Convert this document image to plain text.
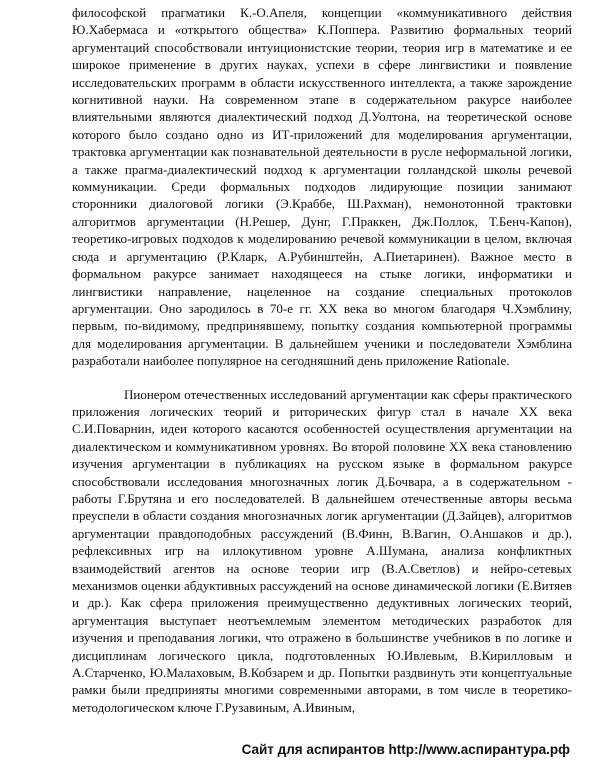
философской прагматики К.-О.Апеля, концепции «коммуникативного действия Ю.Хабермаса и «открытого общества» К.Поппера. Развитию формальных теорий аргументаций способствовали интуиционистские теории, теория игр в математике и ее широкое применение в других науках, успехи в сфере лингвистики и появление исследовательских программ в области искусственного интеллекта, а также зарождение когнитивной науки. На современном этапе в содержательном ракурсе наиболее влиятельными являются диалектический подход Д.Уолтона, на теоретической основе которого было создано одно из ИТ-приложений для моделирования аргументации, трактовка аргументации как познавательной деятельности в русле неформальной логики, а также прагма-диалектический подход к аргументации голландской школы речевой коммуникации. Среди формальных подходов лидирующие позиции занимают сторонники диалоговой логики (Э.Краббе, Ш.Рахман), немонотонной трактовки алгоритмов аргументации (Н.Решер, Дунг, Г.Праккен, Дж.Поллок, Т.Бенч-Капон), теоретико-игровых подходов к моделированию речевой коммуникации в целом, включая сюда и аргументацию (Р.Кларк, А.Рубинштейн, А.Пиетаринен). Важное место в формальном ракурсе занимает находящееся на стыке логики, информатики и лингвистики направление, нацеленное на создание специальных протоколов аргументации. Оно зародилось в 70-е гг. XX века во многом благодаря Ч.Хэмблину, первым, по-видимому, предпринявшему, попытку создания компьютерной программы для моделирования аргументации. В дальнейшем ученики и последователи Хэмблина разработали наиболее популярное на сегодняшний день приложение Rationale.

Пионером отечественных исследований аргументации как сферы практического приложения логических теорий и риторических фигур стал в начале XX века С.И.Поварнин, идеи которого касаются особенностей осуществления аргументации на диалектическом и коммуникативном уровнях. Во второй половине XX века становлению изучения аргументации в публикациях на русском языке в формальном ракурсе способствовали исследования многозначных логик Д.Бочвара, а в содержательном - работы Г.Брутяна и его последователей. В дальнейшем отечественные авторы весьма преуспели в области создания многозначных логик аргументации (Д.Зайцев), алгоритмов аргументации правдоподобных рассуждений (В.Финн, В.Вагин, О.Аншаков и др.), рефлексивных игр на иллокутивном уровне А.Шумана, анализа конфликтных взаимодействий агентов на основе теории игр (В.А.Светлов) и нейро-сетевых механизмов оценки абдуктивных рассуждений на основе динамической логики (Е.Витяев и др.). Как сфера приложения преимущественно дедуктивных логических теорий, аргументация выступает неотъемлемым элементом методических разработок для изучения и преподавания логики, что отражено в большинстве учебников в по логике и дисциплинам логического цикла, подготовленных Ю.Ивлевым, В.Кирилловым и А.Старченко, Ю.Малаховым, В.Кобзарем и др. Попытки раздвинуть эти концептуальные рамки были предприняты многими современными авторами, в том числе в теоретико-методологическом ключе Г.Рузавиным, А.Ивиным,

Сайт для аспирантов http://www.аспирантура.рф
